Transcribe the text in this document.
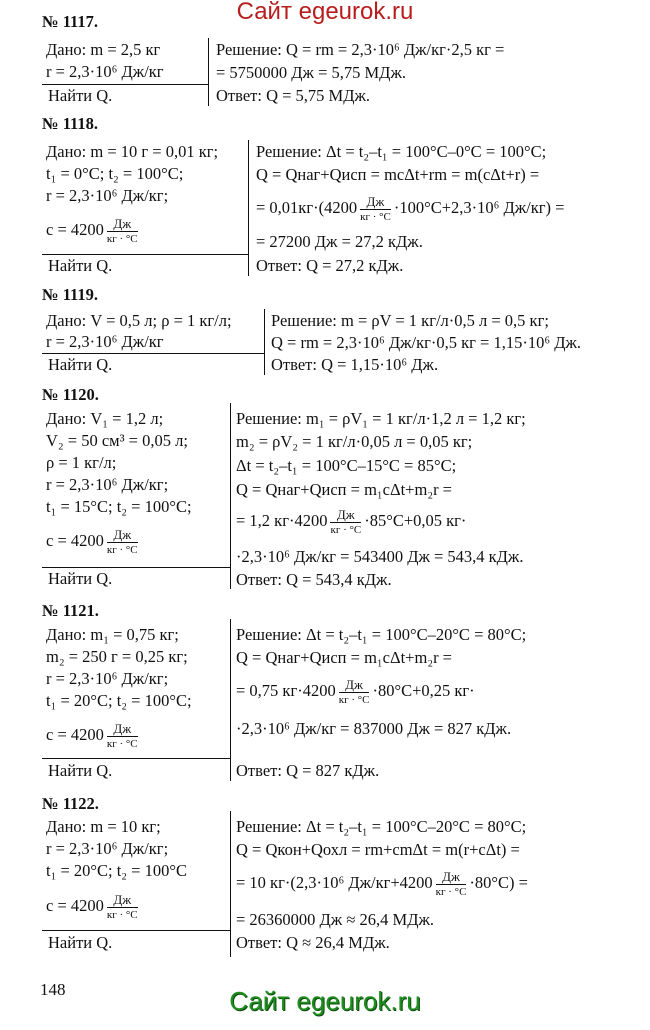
Сайт egeurok.ru
№ 1117.
Дано: m = 2,5 кг
r = 2,3·10⁶ Дж/кг
Найти Q.
Решение: Q = rm = 2,3·10⁶ Дж/кг·2,5 кг =
= 5750000 Дж = 5,75 МДж.
Ответ: Q = 5,75 МДж.
№ 1118.
Дано: m = 10 г = 0,01 кг;
t₁ = 0°C; t₂ = 100°C;
r = 2,3·10⁶ Дж/кг;
$c = 4200 \frac{Дж}{кг \cdot ^\circ C}$
Найти Q.
Решение: Δt = t₂–t₁ = 100°C–0°C = 100°C;
Q = Qнаг+Qисп = mcΔt+rm = m(cΔt+r) =
= $0,01кг\cdot(4200 \frac{Дж}{кг \cdot ^\circ C} \cdot 100^\circ C+2,3\cdot 10^6$ Дж/кг) =
= 27200 Дж = 27,2 кДж.
Ответ: Q = 27,2 кДж.
№ 1119.
Дано: V = 0,5 л; ρ = 1 кг/л;
r = 2,3·10⁶ Дж/кг
Найти Q.
Решение: m = ρV = 1 кг/л·0,5 л = 0,5 кг;
Q = rm = 2,3·10⁶ Дж/кг·0,5 кг = 1,15·10⁶ Дж.
Ответ: Q = 1,15·10⁶ Дж.
№ 1120.
Дано: V₁ = 1,2 л;
V₂ = 50 см³ = 0,05 л;
ρ = 1 кг/л;
r = 2,3·10⁶ Дж/кг;
t₁ = 15°C; t₂ = 100°C;
$c = 4200 \frac{Дж}{кг \cdot ^\circ C}$
Найти Q.
Решение: m₁ = ρV₁ = 1 кг/л·1,2 л = 1,2 кг;
m₂ = ρV₂ = 1 кг/л·0,05 л = 0,05 кг;
Δt = t₂–t₁ = 100°C–15°C = 85°C;
Q = Qнаг+Qисп = m₁cΔt+m₂r =
= 1,2 $кг\cdot 4200 \frac{Дж}{кг \cdot ^\circ C} \cdot 85^\circ C+0,05$ кг·
·2,3·10⁶ Дж/кг = 543400 Дж = 543,4 кДж.
Ответ: Q = 543,4 кДж.
№ 1121.
Дано: m₁ = 0,75 кг;
m₂ = 250 г = 0,25 кг;
r = 2,3·10⁶ Дж/кг;
t₁ = 20°C; t₂ = 100°C;
$c = 4200 \frac{Дж}{кг \cdot ^\circ C}$
Найти Q.
Решение: Δt = t₂–t₁ = 100°C–20°C = 80°C;
Q = Qнаг+Qисп = m₁cΔt+m₂r =
= 0,75 $кг\cdot 4200 \frac{Дж}{кг \cdot ^\circ C} \cdot 80^\circ C+0,25$ кг·
·2,3·10⁶ Дж/кг = 837000 Дж = 827 кДж.
Ответ: Q = 827 кДж.
№ 1122.
Дано: m = 10 кг;
r = 2,3·10⁶ Дж/кг;
t₁ = 20°C; t₂ = 100°C
$c = 4200 \frac{Дж}{кг \cdot ^\circ C}$
Найти Q.
Решение: Δt = t₂–t₁ = 100°C–20°C = 80°C;
Q = Qкон+Qохл = rm+cmΔt = m(r+cΔt) =
= 10 кг·(2,3·10⁶ $Дж/кг+4200 \frac{Дж}{кг \cdot ^\circ C} \cdot 80^\circ C$) =
= 26360000 Дж ≈ 26,4 МДж.
Ответ: Q ≈ 26,4 МДж.
148	Сайт egeurok.ru
